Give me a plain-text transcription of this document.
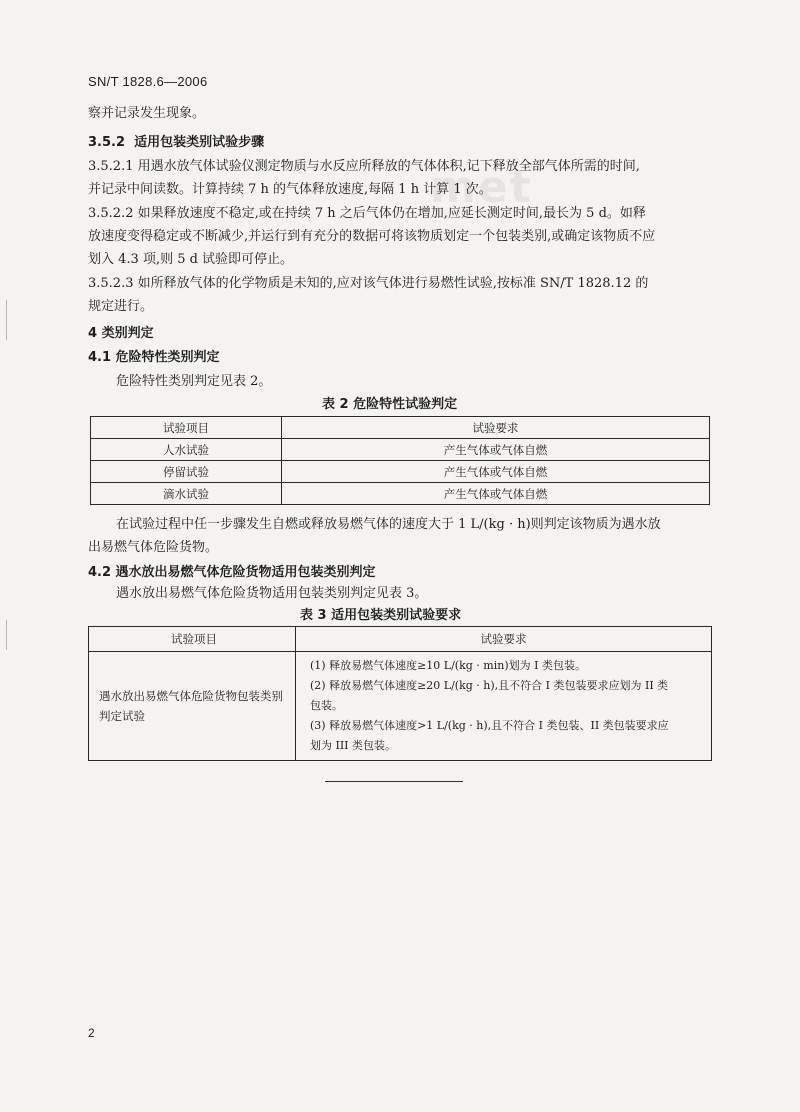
met
SN/T 1828.6—2006
察并记录发生现象。
3.5.2 适用包装类别试验步骤
3.5.2.1 用遇水放气体试验仪测定物质与水反应所释放的气体体积,记下释放全部气体所需的时间,
并记录中间读数。计算持续 7 h 的气体释放速度,每隔 1 h 计算 1 次。
3.5.2.2 如果释放速度不稳定,或在持续 7 h 之后气体仍在增加,应延长测定时间,最长为 5 d。如释
放速度变得稳定或不断减少,并运行到有充分的数据可将该物质划定一个包装类别,或确定该物质不应
划入 4.3 项,则 5 d 试验即可停止。
3.5.2.3 如所释放气体的化学物质是未知的,应对该气体进行易燃性试验,按标准 SN/T 1828.12 的
规定进行。
4 类别判定
4.1 危险特性类别判定
危险特性类别判定见表 2。
表 2 危险特性试验判定
试验项目	试验要求
人水试验	产生气体或气体自燃
停留试验	产生气体或气体自燃
滴水试验	产生气体或气体自燃
在试验过程中任一步骤发生自燃或释放易燃气体的速度大于 1 L/(kg · h)则判定该物质为遇水放
出易燃气体危险货物。
4.2 遇水放出易燃气体危险货物适用包装类别判定
遇水放出易燃气体危险货物适用包装类别判定见表 3。
表 3 适用包装类别试验要求
试验项目	试验要求
遇水放出易燃气体危险货物包装类别判定试验	(1) 释放易燃气体速度≥10 L/(kg · min)划为 I 类包装。
(2) 释放易燃气体速度≥20 L/(kg · h),且不符合 I 类包装要求应划为 II 类
包装。
(3) 释放易燃气体速度>1 L/(kg · h),且不符合 I 类包装、II 类包装要求应
划为 III 类包装。
2
